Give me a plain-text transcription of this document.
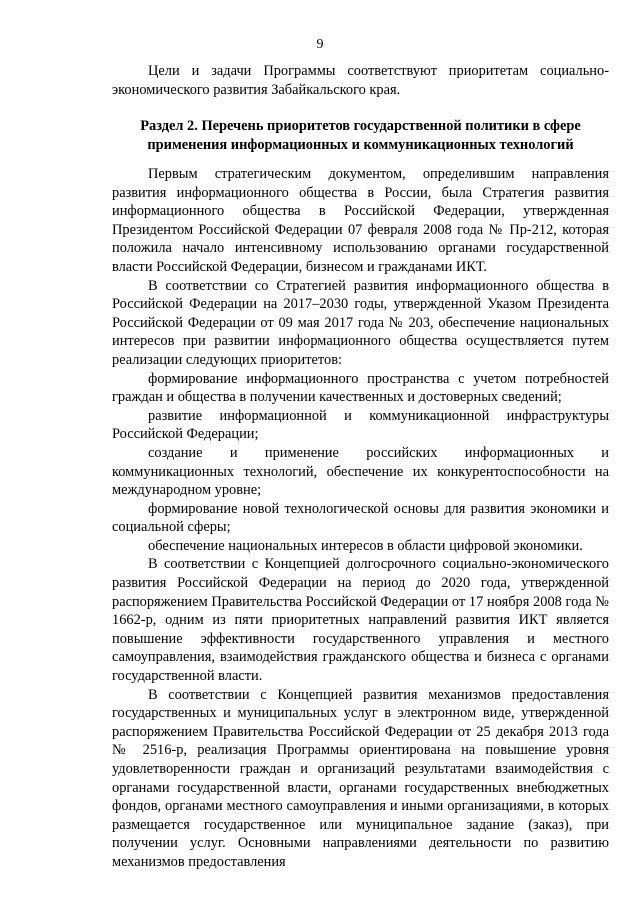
9

Цели и задачи Программы соответствуют приоритетам социально-экономического развития Забайкальского края.

Раздел 2. Перечень приоритетов государственной политики в сфере применения информационных и коммуникационных технологий

Первым стратегическим документом, определившим направления развития информационного общества в России, была Стратегия развития информационного общества в Российской Федерации, утвержденная Президентом Российской Федерации 07 февраля 2008 года № Пр-212, которая положила начало интенсивному использованию органами государственной власти Российской Федерации, бизнесом и гражданами ИКТ.

В соответствии со Стратегией развития информационного общества в Российской Федерации на 2017–2030 годы, утвержденной Указом Президента Российской Федерации от 09 мая 2017 года № 203, обеспечение национальных интересов при развитии информационного общества осуществляется путем реализации следующих приоритетов:

формирование информационного пространства с учетом потребностей граждан и общества в получении качественных и достоверных сведений;

развитие информационной и коммуникационной инфраструктуры Российской Федерации;

создание и применение российских информационных и коммуникационных технологий, обеспечение их конкурентоспособности на международном уровне;

формирование новой технологической основы для развития экономики и социальной сферы;

обеспечение национальных интересов в области цифровой экономики.

В соответствии с Концепцией долгосрочного социально-экономического развития Российской Федерации на период до 2020 года, утвержденной распоряжением Правительства Российской Федерации от 17 ноября 2008 года № 1662-р, одним из пяти приоритетных направлений развития ИКТ является повышение эффективности государственного управления и местного самоуправления, взаимодействия гражданского общества и бизнеса с органами государственной власти.

В соответствии с Концепцией развития механизмов предоставления государственных и муниципальных услуг в электронном виде, утвержденной распоряжением Правительства Российской Федерации от 25 декабря 2013 года № 2516-р, реализация Программы ориентирована на повышение уровня удовлетворенности граждан и организаций результатами взаимодействия с органами государственной власти, органами государственных внебюджетных фондов, органами местного самоуправления и иными организациями, в которых размещается государственное или муниципальное задание (заказ), при получении услуг. Основными направлениями деятельности по развитию механизмов предоставления
